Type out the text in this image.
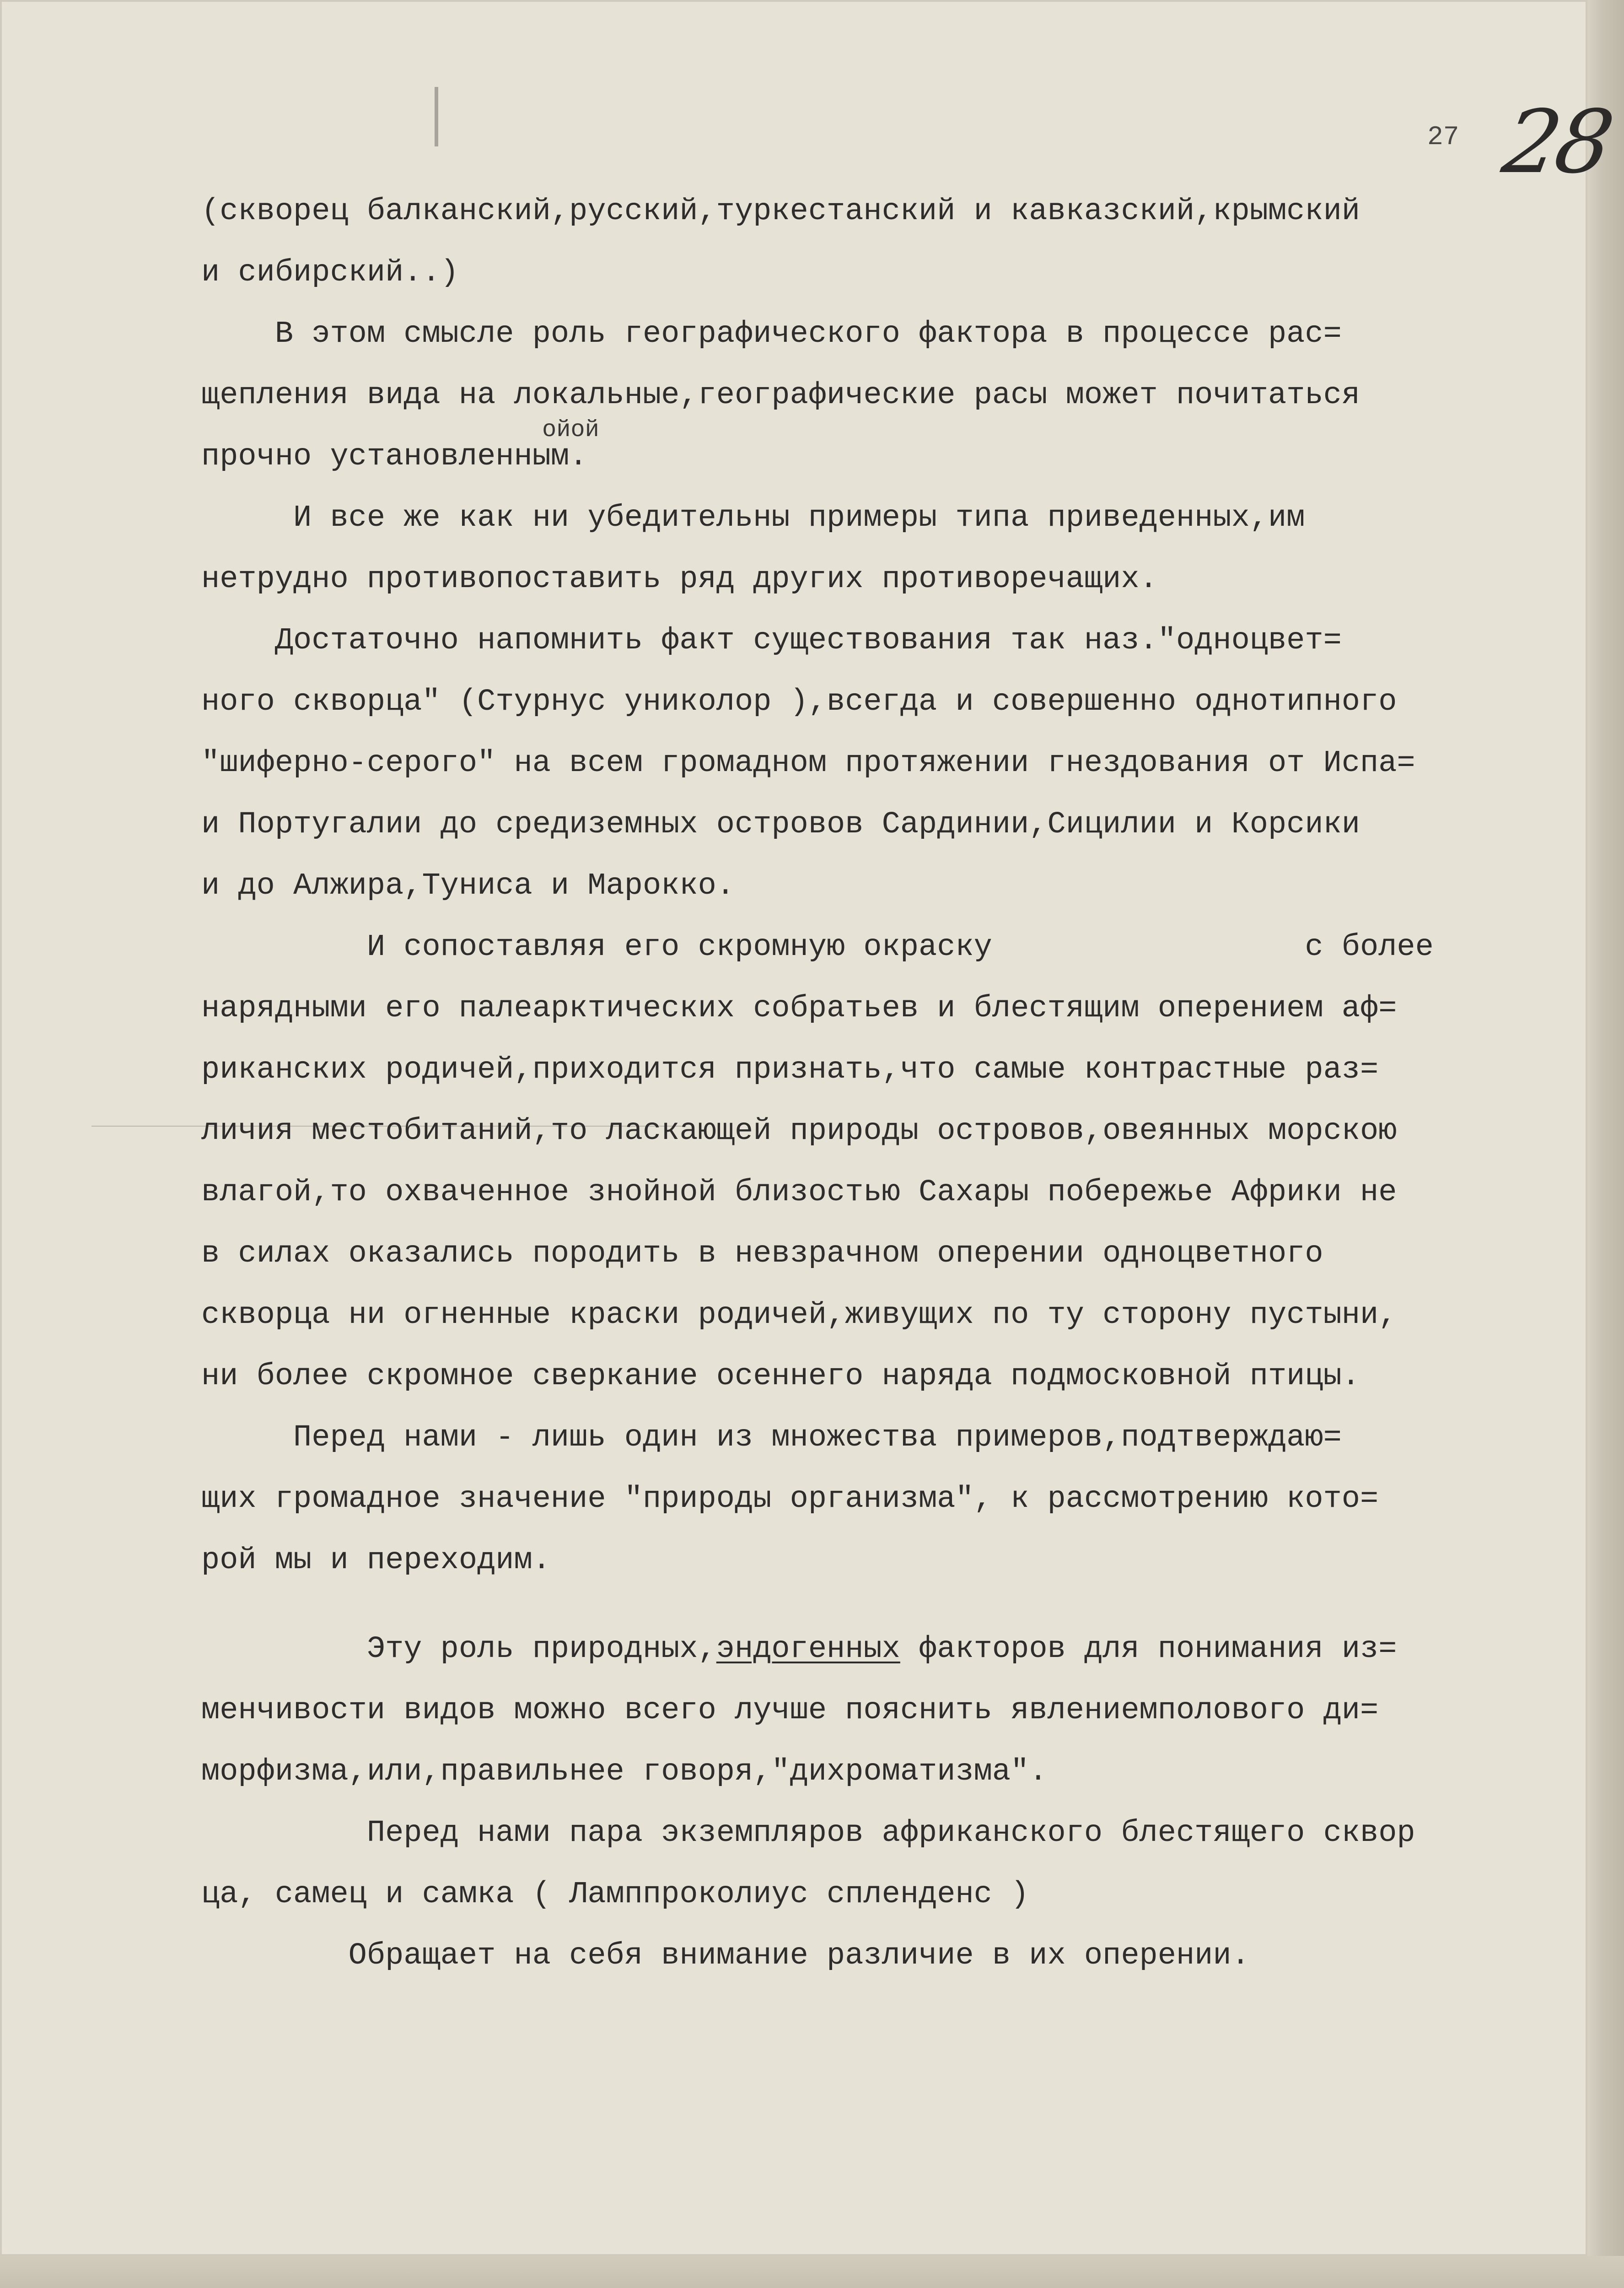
27 28
ойой
(скворец балканский,русский,туркестанский и кавказский,крымский
и сибирский..)
В этом смысле роль географического фактора в процессе рас=
щепления вида на локальные,географические расы может почитаться
прочно установленным.
И все же как ни убедительны примеры типа приведенных,им
нетрудно противопоставить ряд других противоречащих.
Достаточно напомнить факт существования так наз."одноцвет=
ного скворца" (Стурнус униколор ),всегда и совершенно однотипного
"шиферно-серого" на всем громадном протяжении гнездования от Испа=
и Португалии до средиземных островов Сардинии,Сицилии и Корсики
и до Алжира,Туниса и Марокко.
И сопоставляя его скромную окраску                 с более
нарядными его палеарктических собратьев и блестящим оперением аф=
риканских родичей,приходится признать,что самые контрастные раз=
личия местобитаний,то ласкающей природы островов,овеянных морскою
влагой,то охваченное знойной близостью Сахары побережье Африки не
в силах оказались породить в невзрачном оперении одноцветного
скворца ни огненные краски родичей,живущих по ту сторону пустыни,
ни более скромное сверкание осеннего наряда подмосковной птицы.
Перед нами - лишь один из множества примеров,подтверждаю=
щих громадное значение "природы организма", к рассмотрению кото=
рой мы и переходим.
Эту роль природных,эндогенных факторов для понимания из=
менчивости видов можно всего лучше пояснить явлениемполового ди=
морфизма,или,правильнее говоря,"дихроматизма".
Перед нами пара экземпляров африканского блестящего сквор
ца, самец и самка ( Ламппроколиус спленденс )
Обращает на себя внимание различие в их оперении.
